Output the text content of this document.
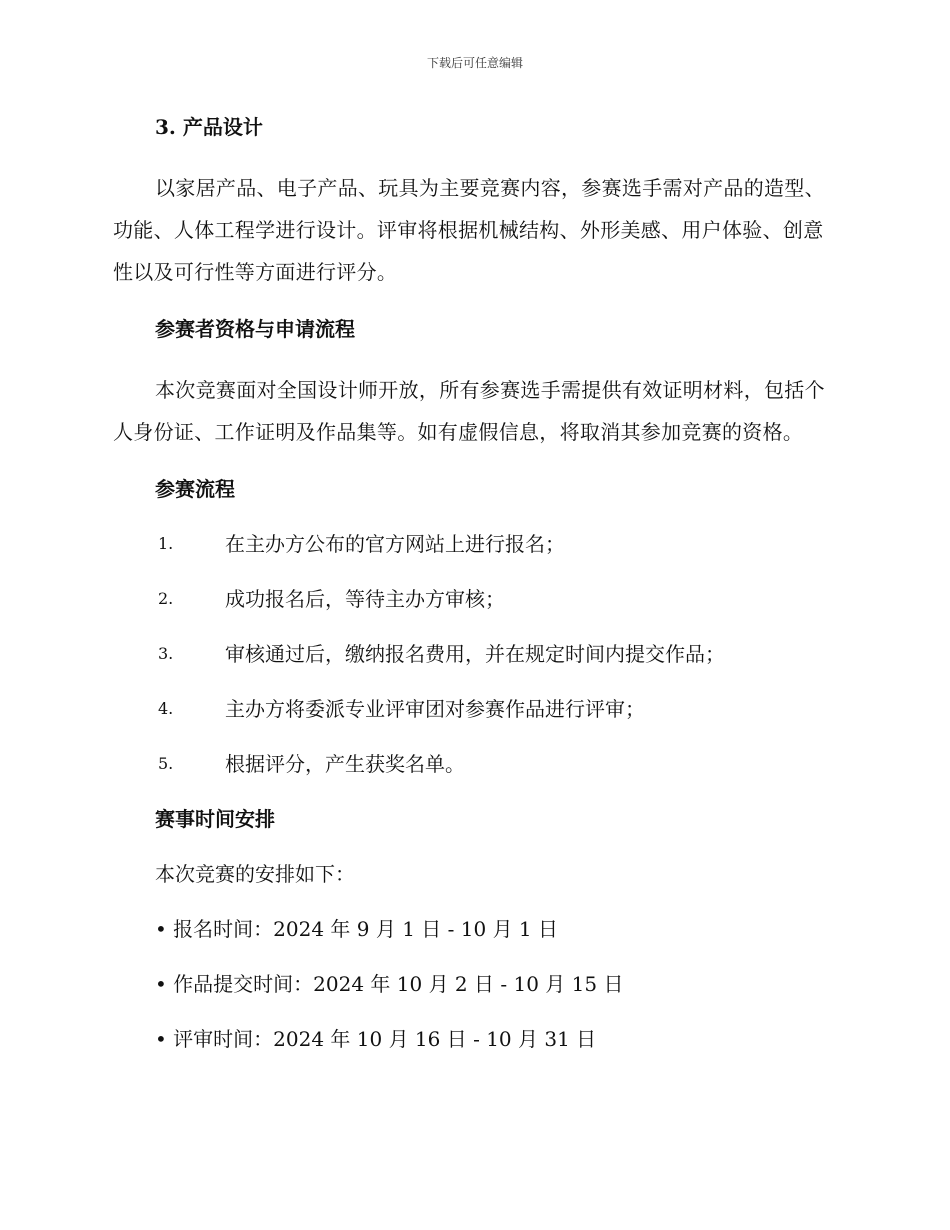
下载后可任意编辑
3. 产品设计

以家居产品、电子产品、玩具为主要竞赛内容，参赛选手需对产品的造型、功能、人体工程学进行设计。评审将根据机械结构、外形美感、用户体验、创意性以及可行性等方面进行评分。

参赛者资格与申请流程

本次竞赛面对全国设计师开放，所有参赛选手需提供有效证明材料，包括个人身份证、工作证明及作品集等。如有虚假信息，将取消其参加竞赛的资格。

参赛流程
1.	在主办方公布的官方网站上进行报名；
2.	成功报名后，等待主办方审核；
3.	审核通过后，缴纳报名费用，并在规定时间内提交作品；
4.	主办方将委派专业评审团对参赛作品进行评审；
5.	根据评分，产生获奖名单。
赛事时间安排
本次竞赛的安排如下：
• 报名时间：2024 年 9 月 1 日 - 10 月 1 日
• 作品提交时间：2024 年 10 月 2 日 - 10 月 15 日
• 评审时间：2024 年 10 月 16 日 - 10 月 31 日
